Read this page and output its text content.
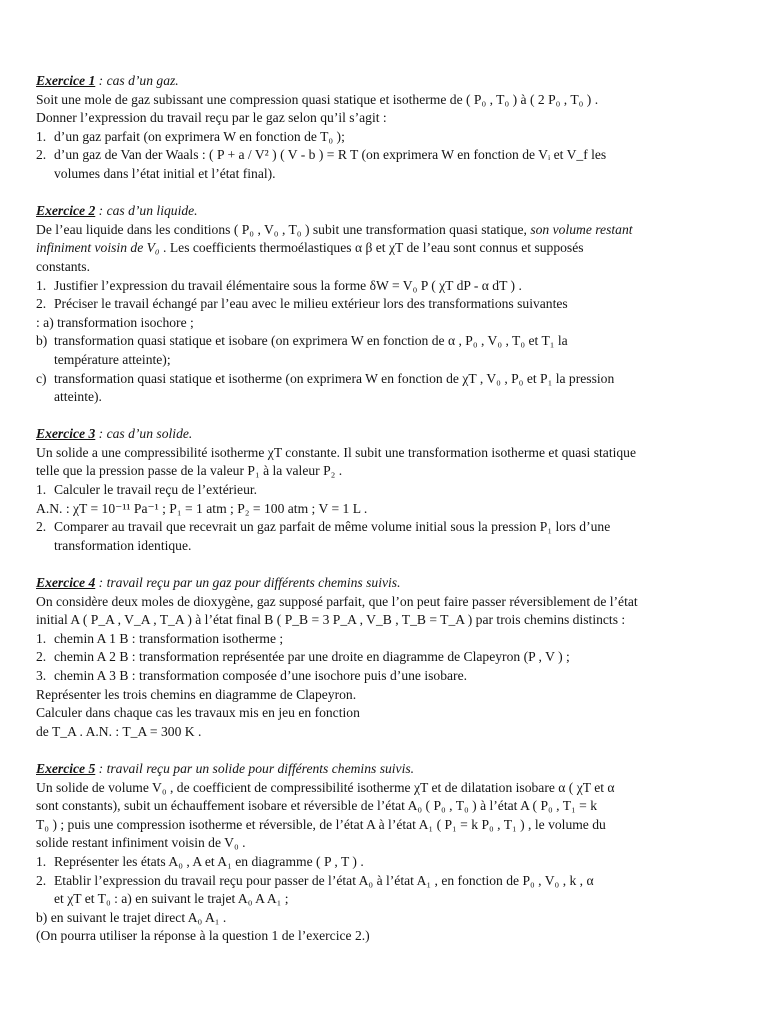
Exercice 1 : cas d’un gaz.

Soit une mole de gaz subissant une compression quasi statique et isotherme de ( P₀ , T₀ ) à ( 2 P₀ , T₀ ) .

Donner l’expression du travail reçu par le gaz selon qu’il s’agit :

1. d’un gaz parfait (on exprimera W en fonction de T₀ );
2. d’un gaz de Van der Waals : ( P + a / V² ) ( V - b ) = R T (on exprimera W en fonction de Vᵢ et V_f les
volumes dans l’état initial et l’état final).
Exercice 2 : cas d’un liquide.

De l’eau liquide dans les conditions ( P₀ , V₀ , T₀ ) subit une transformation quasi statique, son volume restant

infiniment voisin de V₀ . Les coefficients thermoélastiques α β et χT de l’eau sont connus et supposés

constants.

1. Justifier l’expression du travail élémentaire sous la forme δW = V₀ P ( χT dP - α dT ) .
2. Préciser le travail échangé par l’eau avec le milieu extérieur lors des transformations suivantes

: a) transformation isochore ;

b) transformation quasi statique et isobare (on exprimera W en fonction de α , P₀ , V₀ , T₀ et T₁ la
température atteinte);
c) transformation quasi statique et isotherme (on exprimera W en fonction de χT , V₀ , P₀ et P₁ la pression
atteinte).
Exercice 3 : cas d’un solide.

Un solide a une compressibilité isotherme χT constante. Il subit une transformation isotherme et quasi statique

telle que la pression passe de la valeur P₁ à la valeur P₂ .

1. Calculer le travail reçu de l’extérieur.

A.N. : χT = 10⁻¹¹ Pa⁻¹ ; P₁ = 1 atm ; P₂ = 100 atm ; V = 1 L .

2. Comparer au travail que recevrait un gaz parfait de même volume initial sous la pression P₁ lors d’une
transformation identique.
Exercice 4 : travail reçu par un gaz pour différents chemins suivis.

On considère deux moles de dioxygène, gaz supposé parfait, que l’on peut faire passer réversiblement de l’état

initial A ( P_A , V_A , T_A ) à l’état final B ( P_B = 3 P_A , V_B , T_B = T_A ) par trois chemins distincts :

1. chemin A 1 B : transformation isotherme ;
2. chemin A 2 B : transformation représentée par une droite en diagramme de Clapeyron (P , V ) ;
3. chemin A 3 B : transformation composée d’une isochore puis d’une isobare.

Représenter les trois chemins en diagramme de Clapeyron.

Calculer dans chaque cas les travaux mis en jeu en fonction

de T_A . A.N. : T_A = 300 K .

Exercice 5 : travail reçu par un solide pour différents chemins suivis.

Un solide de volume V₀ , de coefficient de compressibilité isotherme χT et de dilatation isobare α ( χT et α

sont constants), subit un échauffement isobare et réversible de l’état A₀ ( P₀ , T₀ ) à l’état A ( P₀ , T₁ = k

T₀ ) ; puis une compression isotherme et réversible, de l’état A à l’état A₁ ( P₁ = k P₀ , T₁ ) , le volume du

solide restant infiniment voisin de V₀ .

1. Représenter les états A₀ , A et A₁ en diagramme ( P , T ) .
2. Etablir l’expression du travail reçu pour passer de l’état A₀ à l’état A₁ , en fonction de P₀ , V₀ , k , α
et χT et T₀ : a) en suivant le trajet A₀ A A₁ ;

b) en suivant le trajet direct A₀ A₁ .

(On pourra utiliser la réponse à la question 1 de l’exercice 2.)
